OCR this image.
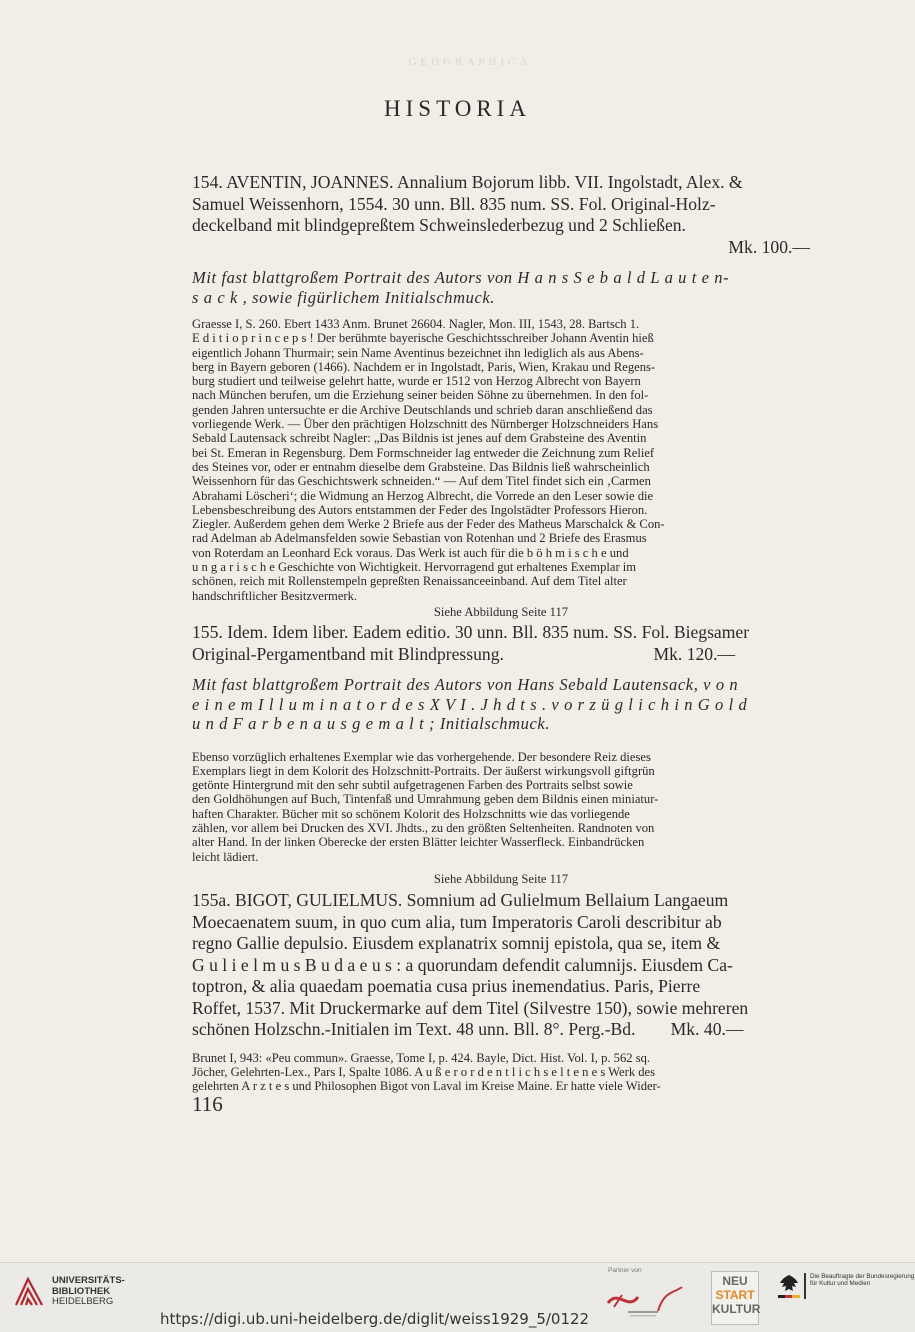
GEOGRAPHICA
HISTORIA
154. AVENTIN, JOANNES. Annalium Bojorum libb. VII. Ingolstadt, Alex. &
Samuel Weissenhorn, 1554. 30 unn. Bll. 835 num. SS. Fol. Original-Holz-
deckelband mit blindgepreßtem Schweinslederbezug und 2 Schließen.
Mk. 100.—
Mit fast blattgroßem Portrait des Autors von H a n s S e b a l d L a u t e n-
s a c k , sowie figürlichem Initialschmuck.
Graesse I, S. 260. Ebert 1433 Anm. Brunet 26604. Nagler, Mon. III, 1543, 28. Bartsch 1.
E d i t i o p r i n c e p s ! Der berühmte bayerische Geschichtsschreiber Johann Aventin hieß
eigentlich Johann Thurmair; sein Name Aventinus bezeichnet ihn lediglich als aus Abens-
berg in Bayern geboren (1466). Nachdem er in Ingolstadt, Paris, Wien, Krakau und Regens-
burg studiert und teilweise gelehrt hatte, wurde er 1512 von Herzog Albrecht von Bayern
nach München berufen, um die Erziehung seiner beiden Söhne zu übernehmen. In den fol-
genden Jahren untersuchte er die Archive Deutschlands und schrieb daran anschließend das
vorliegende Werk. — Über den prächtigen Holzschnitt des Nürnberger Holzschneiders Hans
Sebald Lautensack schreibt Nagler: „Das Bildnis ist jenes auf dem Grabsteine des Aventin
bei St. Emeran in Regensburg. Dem Formschneider lag entweder die Zeichnung zum Relief
des Steines vor, oder er entnahm dieselbe dem Grabsteine. Das Bildnis ließ wahrscheinlich
Weissenhorn für das Geschichtswerk schneiden.“ — Auf dem Titel findet sich ein ‚Carmen
Abrahami Löscheri‘; die Widmung an Herzog Albrecht, die Vorrede an den Leser sowie die
Lebensbeschreibung des Autors entstammen der Feder des Ingolstädter Professors Hieron.
Ziegler. Außerdem gehen dem Werke 2 Briefe aus der Feder des Matheus Marschalck & Con-
rad Adelman ab Adelmansfelden sowie Sebastian von Rotenhan und 2 Briefe des Erasmus
von Roterdam an Leonhard Eck voraus. Das Werk ist auch für die b ö h m i s c h e und
u n g a r i s c h e Geschichte von Wichtigkeit. Hervorragend gut erhaltenes Exemplar im
schönen, reich mit Rollenstempeln gepreßten Renaissanceeinband. Auf dem Titel alter
handschriftlicher Besitzvermerk.
Siehe Abbildung Seite 117
155. Idem. Idem liber. Eadem editio. 30 unn. Bll. 835 num. SS. Fol. Biegsamer
Original-Pergamentband mit Blindpressung.                                  Mk. 120.—
Mit fast blattgroßem Portrait des Autors von Hans Sebald Lautensack, v o n
e i n e m I l l u m i n a t o r d e s X V I . J h d t s . v o r z ü g l i c h i n G o l d
u n d F a r b e n a u s g e m a l t ; Initialschmuck.
Ebenso vorzüglich erhaltenes Exemplar wie das vorhergehende. Der besondere Reiz dieses
Exemplars liegt in dem Kolorit des Holzschnitt-Portraits. Der äußerst wirkungsvoll giftgrün
getönte Hintergrund mit den sehr subtil aufgetragenen Farben des Portraits selbst sowie
den Goldhöhungen auf Buch, Tintenfaß und Umrahmung geben dem Bildnis einen miniatur-
haften Charakter. Bücher mit so schönem Kolorit des Holzschnitts wie das vorliegende
zählen, vor allem bei Drucken des XVI. Jhdts., zu den größten Seltenheiten. Randnoten von
alter Hand. In der linken Oberecke der ersten Blätter leichter Wasserfleck. Einbandrücken
leicht lädiert.
Siehe Abbildung Seite 117
155a. BIGOT, GULIELMUS. Somnium ad Gulielmum Bellaium Langaeum
Moecaenatem suum, in quo cum alia, tum Imperatoris Caroli describitur ab
regno Gallie depulsio. Eiusdem explanatrix somnij epistola, qua se, item &
G u l i e l m u s B u d a e u s : a quorundam defendit calumnijs. Eiusdem Ca-
toptron, & alia quaedam poematia cusa prius inemendatius. Paris, Pierre
Roffet, 1537. Mit Druckermarke auf dem Titel (Silvestre 150), sowie mehreren
schönen Holzschn.-Initialen im Text. 48 unn. Bll. 8°. Perg.-Bd.        Mk. 40.—
Brunet I, 943: «Peu commun». Graesse, Tome I, p. 424. Bayle, Dict. Hist. Vol. I, p. 562 sq.
Jöcher, Gelehrten-Lex., Pars I, Spalte 1086. A u ß e r o r d e n t l i c h s e l t e n e s Werk des
gelehrten A r z t e s und Philosophen Bigot von Laval im Kreise Maine. Er hatte viele Wider-
116
UNIVERSITÄTS-
BIBLIOTHEK
HEIDELBERG
https://digi.ub.uni-heidelberg.de/diglit/weiss1929_5/0122
Partner von
NEU
START
KULTUR
Die Beauftragte der Bundesregierung
für Kultur und Medien
